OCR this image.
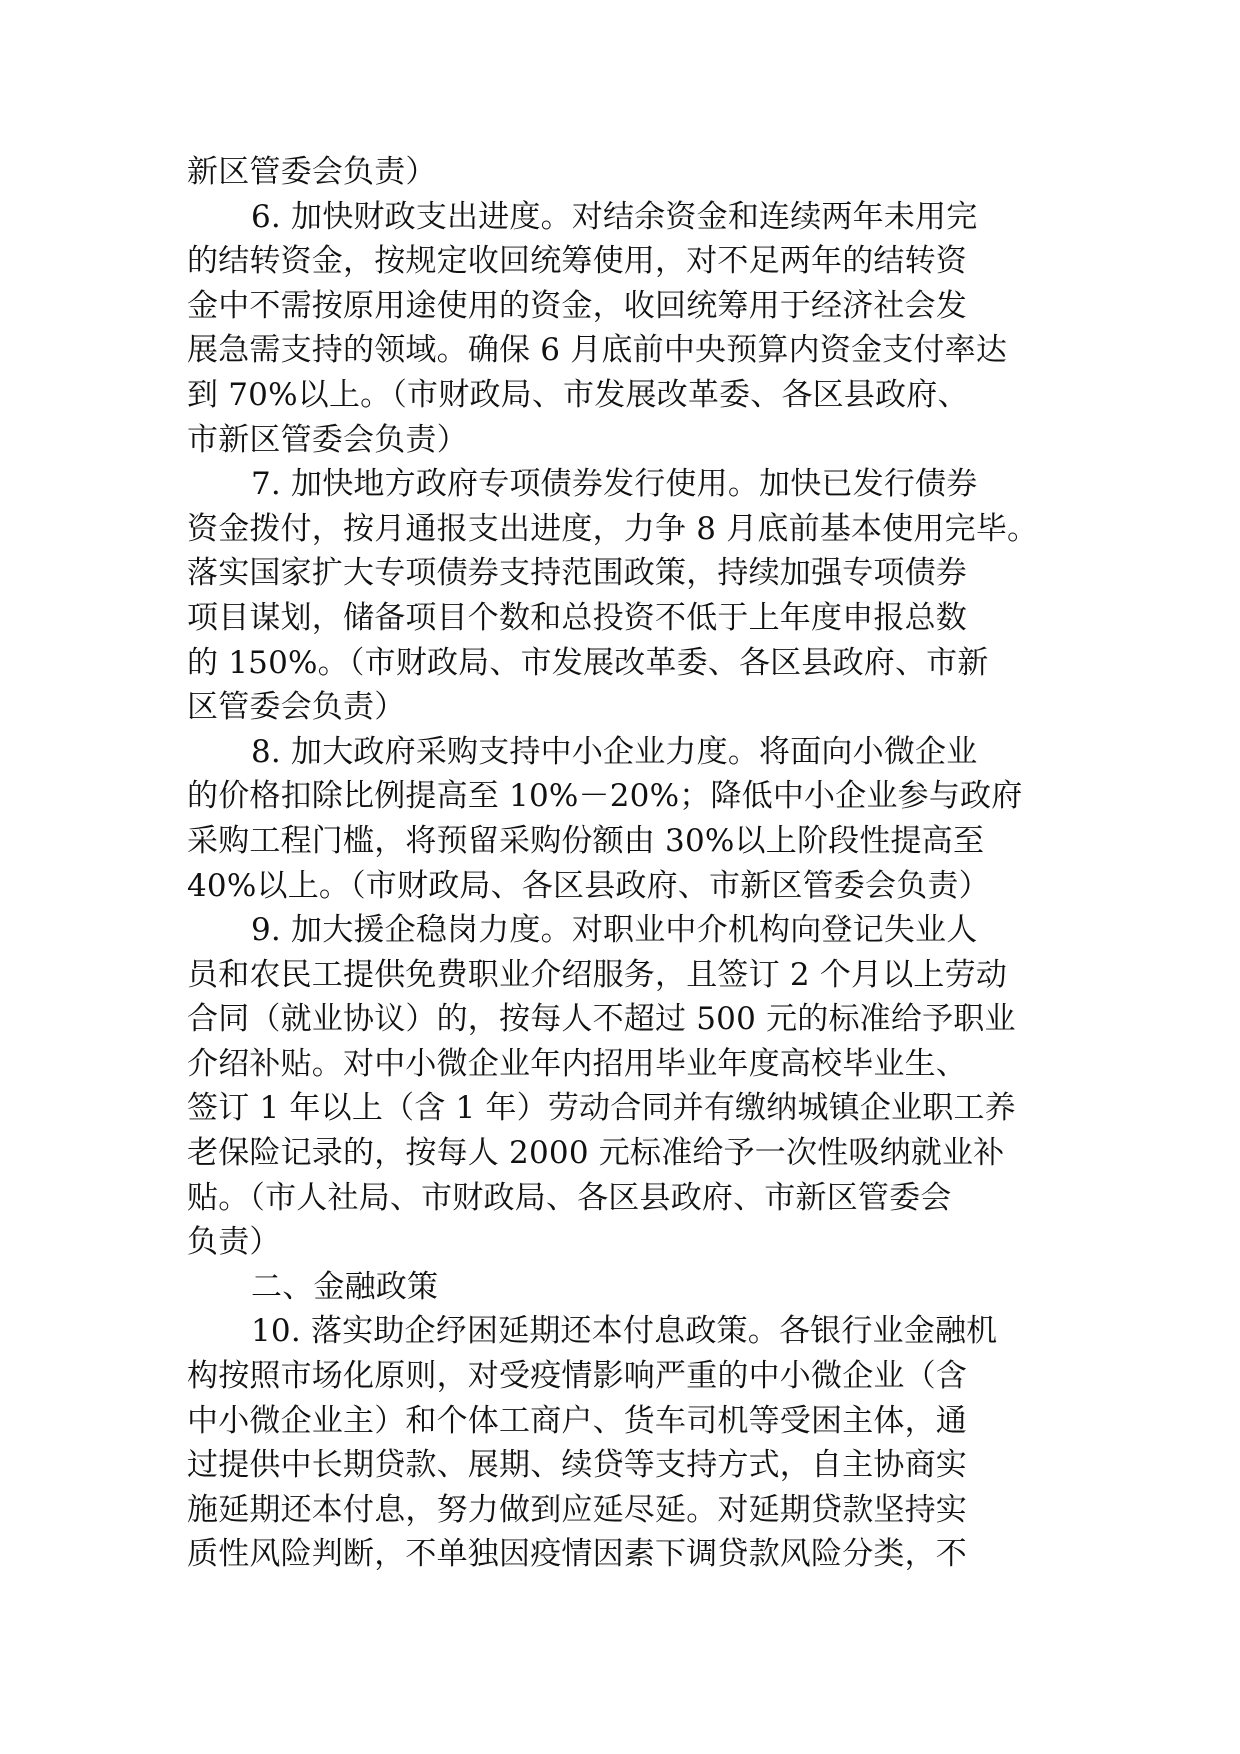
新区管委会负责）
6. 加快财政支出进度。对结余资金和连续两年未用完
的结转资金，按规定收回统筹使用，对不足两年的结转资
金中不需按原用途使用的资金，收回统筹用于经济社会发
展急需支持的领域。确保 6 月底前中央预算内资金支付率达
到 70%以上。（市财政局、市发展改革委、各区县政府、
市新区管委会负责）
7. 加快地方政府专项债券发行使用。加快已发行债券
资金拨付，按月通报支出进度，力争 8 月底前基本使用完毕。
落实国家扩大专项债券支持范围政策，持续加强专项债券
项目谋划，储备项目个数和总投资不低于上年度申报总数
的 150%。（市财政局、市发展改革委、各区县政府、市新
区管委会负责）
8. 加大政府采购支持中小企业力度。将面向小微企业
的价格扣除比例提高至 10%－20%；降低中小企业参与政府
采购工程门槛，将预留采购份额由 30%以上阶段性提高至
40%以上。（市财政局、各区县政府、市新区管委会负责）
9. 加大援企稳岗力度。对职业中介机构向登记失业人
员和农民工提供免费职业介绍服务，且签订 2 个月以上劳动
合同（就业协议）的，按每人不超过 500 元的标准给予职业
介绍补贴。对中小微企业年内招用毕业年度高校毕业生、
签订 1 年以上（含 1 年）劳动合同并有缴纳城镇企业职工养
老保险记录的，按每人 2000 元标准给予一次性吸纳就业补
贴。（市人社局、市财政局、各区县政府、市新区管委会
负责）
二、金融政策
10. 落实助企纾困延期还本付息政策。各银行业金融机
构按照市场化原则，对受疫情影响严重的中小微企业（含
中小微企业主）和个体工商户、货车司机等受困主体，通
过提供中长期贷款、展期、续贷等支持方式，自主协商实
施延期还本付息，努力做到应延尽延。对延期贷款坚持实
质性风险判断，不单独因疫情因素下调贷款风险分类，不
